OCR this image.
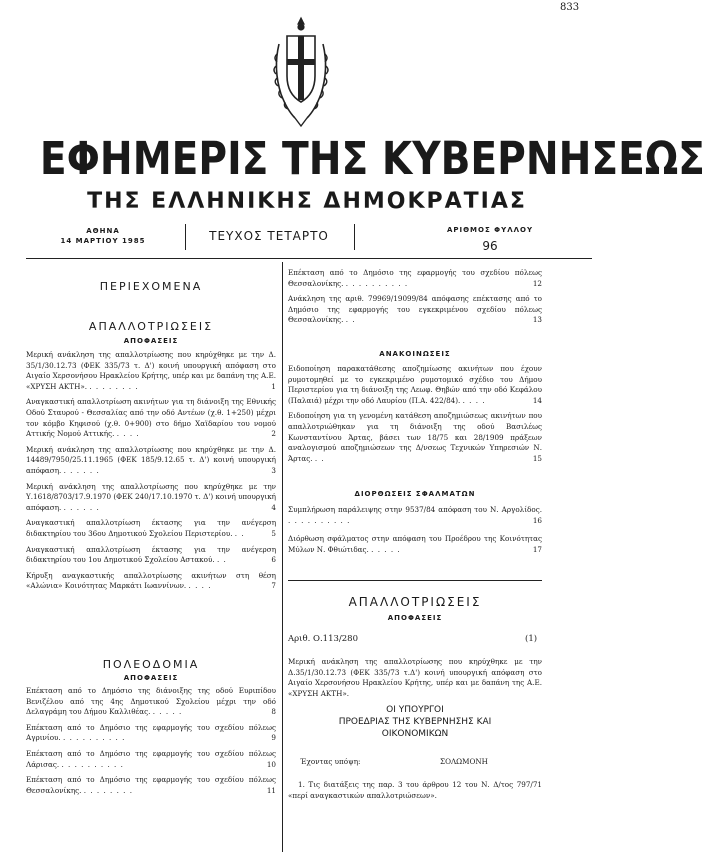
833
ΕΦΗΜΕΡΙΣ ΤΗΣ ΚΥΒΕΡΝΗΣΕΩΣ
ΤΗΣ ΕΛΛΗΝΙΚΗΣ ΔΗΜΟΚΡΑΤΙΑΣ
ΑΘΗΝΑ
14 ΜΑΡΤΙΟΥ 1985	ΤΕΥΧΟΣ ΤΕΤΑΡΤΟ	ΑΡΙΘΜΟΣ ΦΥΛΛΟΥ
96
ΠΕΡΙΕΧΟΜΕΝΑ
ΑΠΑΛΛΟΤΡΙΩΣΕΙΣ
ΑΠΟΦΑΣΕΙΣ
Μερική ανάκληση της απαλλοτρίωσης που κηρύχθηκε με την Δ. 35/1/30.12.73 (ΦΕΚ 335/73 τ. Δ') κοινή υπουργική απόφαση στο Αιγαίο Χερσονήσου Ηρακλείου Κρήτης, υπέρ και με δαπάνη της Α.Ε. «ΧΡΥΣΗ ΑΚΤΗ». . . . . . . . .	1
Αναγκαστική απαλλοτρίωση ακινήτων για τη διάνοιξη της Εθνικής Οδού Σταυρού - Θεσσαλίας από την οδό Αντέων (χ.θ. 1+250) μέχρι τον κόμβο Κηφισού (χ.θ. 0+900) στο δήμο Χαϊδαρίου του νομού Αττικής Νομού Αττικής. . . . .	2
Μερική ανάκληση της απαλλοτρίωσης που κηρύχθηκε με την Δ. 14489/7950/25.11.1965 (ΦΕΚ 185/9.12.65 τ. Δ') κοινή υπουργική απόφαση. . . . . . .	3
Μερική ανάκληση της απαλλοτρίωσης που κηρύχθηκε με την Υ.1618/8703/17.9.1970 (ΦΕΚ 240/17.10.1970 τ. Δ') κοινή υπουργική απόφαση. . . . . . .	4
Αναγκαστική απαλλοτρίωση έκτασης για την ανέγερση διδακτηρίου του 36ου Δημοτικού Σχολείου Περιστερίου. . .	5
Αναγκαστική απαλλοτρίωση έκτασης για την ανέγερση διδακτηρίου του 1ου Δημοτικού Σχολείου Αστακού. . .	6
Κήρυξη αναγκαστικής απαλλοτρίωσης ακινήτων στη θέση «Αλώνια» Κοινότητας Μαρκάτι Ιωαννίνων. . . . .	7
ΠΟΛΕΟΔΟΜΙΑ
ΑΠΟΦΑΣΕΙΣ
Επέκταση από το Δημόσιο της διάνοιξης της οδού Ευριπίδου Βενιζέλου από της 4ης Δημοτικού Σχολείου μέχρι την οδό Δελαγράμη του Δήμου Καλλιθέας. . . . . .	8
Επέκταση από το Δημόσιο της εφαρμογής του σχεδίου πόλεως Αγρινίου. . . . . . . . . . .	9
Επέκταση από το Δημόσιο της εφαρμογής του σχεδίου πόλεως Λάρισας. . . . . . . . . . .	10
Επέκταση από το Δημόσιο της εφαρμογής του σχεδίου πόλεως Θεσσαλονίκης. . . . . . . . .	11
Επέκταση από το Δημόσιο της εφαρμογής του σχεδίου πόλεως Θεσσαλονίκης. . . . . . . . . . .	12
Ανάκληση της αριθ. 79969/19099/84 απόφασης επέκτασης από το Δημόσιο της εφαρμογής του εγκεκριμένου σχεδίου πόλεως Θεσσαλονίκης. . .	13
ΑΝΑΚΟΙΝΩΣΕΙΣ
Ειδοποίηση παρακατάθεσης αποζημίωσης ακινήτων που έχουν ρυμοτομηθεί με το εγκεκριμένο ρυμοτομικό σχέδιο του Δήμου Περιστερίου για τη διάνοιξη της Λεωφ. Θηβών από την οδό Κεφάλου (Παλαιά) μέχρι την οδό Λαυρίου (Π.Α. 422/84). . . . .	14
Ειδοποίηση για τη γενομένη κατάθεση αποζημιώσεως ακινήτων που απαλλοτριώθηκαν για τη διάνοιξη της οδού Βασιλέως Κωνσταντίνου Άρτας, βάσει των 18/75 και 28/1909 πράξεων αναλογισμού αποζημιώσεων της Δ/νσεως Τεχνικών Υπηρεσιών Ν. Άρτας. . .	15
ΔΙΟΡΘΩΣΕΙΣ ΣΦΑΛΜΑΤΩΝ
Συμπλήρωση παράλειψης στην 9537/84 απόφαση του Ν. Αργολίδος. . . . . . . . . . .	16
Διόρθωση σφάλματος στην απόφαση του Προέδρου της Κοινότητας Μύλων Ν. Φθιώτιδας. . . . . .	17
ΑΠΑΛΛΟΤΡΙΩΣΕΙΣ
ΑΠΟΦΑΣΕΙΣ
Αριθ. Ο.113/280	(1)
Μερική ανάκληση της απαλλοτρίωσης που κηρύχθηκε με την Δ.35/1/30.12.73 (ΦΕΚ 335/73 τ.Δ') κοινή υπουργική απόφαση στο Αιγαίο Χερσονήσου Ηρακλείου Κρήτης, υπέρ και με δαπάνη της Α.Ε. «ΧΡΥΣΗ ΑΚΤΗ».
ΟΙ ΥΠΟΥΡΓΟΙ
ΠΡΟΕΔΡΙΑΣ ΤΗΣ ΚΥΒΕΡΝΗΣΗΣ ΚΑΙ
ΟΙΚΟΝΟΜΙΚΩΝ
Έχοντας υπόψη:	ΣΟΛΩΜΟΝΗ
1. Τις διατάξεις της παρ. 3 του άρθρου 12 του Ν. Δ/τος 797/71 «περί αναγκαστικών απαλλοτριώσεων».
